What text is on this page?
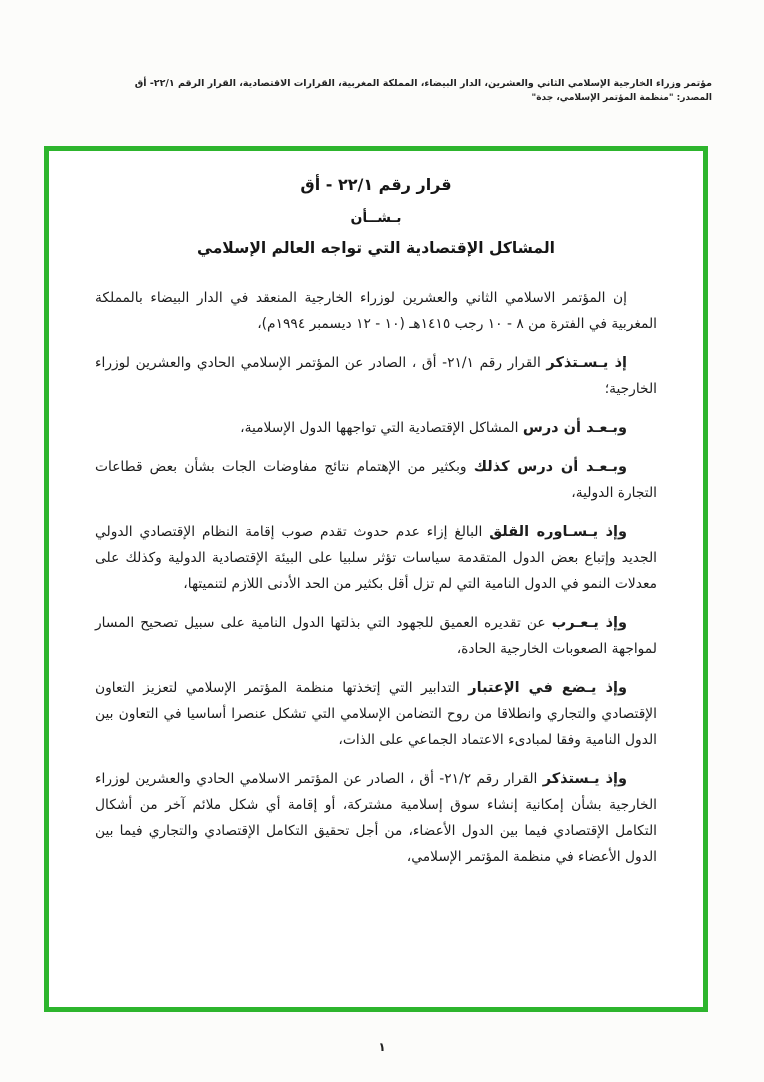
مؤتمر وزراء الخارجية الإسلامي الثاني والعشرين، الدار البيضاء، المملكة المغربية، القرارات الاقتصادية، القرار الرقم ٢٢/١- أق
المصدر: "منظمة المؤتمر الإسلامي، جدة"
قرار رقم ٢٢/١ - أق
بـشــأن
المشاكل الإقتصادية التي تواجه العالم الإسلامي

إن المؤتمر الاسلامي الثاني والعشرين لوزراء الخارجية المنعقد في الدار البيضاء بالمملكة المغربية في الفترة من ٨ - ١٠ رجب ١٤١٥هـ (١٠ - ١٢ ديسمبر ١٩٩٤م)،

إذ يـسـتذكر القرار رقم ٢١/١- أق ، الصادر عن المؤتمر الإسلامي الحادي والعشرين لوزراء الخارجية؛

وبـعـد أن درس المشاكل الإقتصادية التي تواجهها الدول الإسلامية،

وبـعـد أن درس كذلك وبكثير من الإهتمام نتائج مفاوضات الجات بشأن بعض قطاعات التجارة الدولية،

وإذ يـسـاوره القلق البالغ إزاء عدم حدوث تقدم صوب إقامة النظام الإقتصادي الدولي الجديد وإتباع بعض الدول المتقدمة سياسات تؤثر سلبيا على البيئة الإقتصادية الدولية وكذلك على معدلات النمو في الدول النامية التي لم تزل أقل بكثير من الحد الأدنى اللازم لتنميتها،

وإذ يـعـرب عن تقديره العميق للجهود التي بذلتها الدول النامية على سبيل تصحيح المسار لمواجهة الصعوبات الخارجية الحادة،

وإذ يـضع في الإعتبار التدابير التي إتخذتها منظمة المؤتمر الإسلامي لتعزيز التعاون الإقتصادي والتجاري وانطلاقا من روح التضامن الإسلامي التي تشكل عنصرا أساسيا في التعاون بين الدول النامية وفقا لمبادىء الاعتماد الجماعي على الذات،

وإذ يـستذكر القرار رقم ٢١/٢- أق ، الصادر عن المؤتمر الاسلامي الحادي والعشرين لوزراء الخارجية بشأن إمكانية إنشاء سوق إسلامية مشتركة، أو إقامة أي شكل ملائم آخر من أشكال التكامل الإقتصادي فيما بين الدول الأعضاء، من أجل تحقيق التكامل الإقتصادي والتجاري فيما بين الدول الأعضاء في منظمة المؤتمر الإسلامي،

١
